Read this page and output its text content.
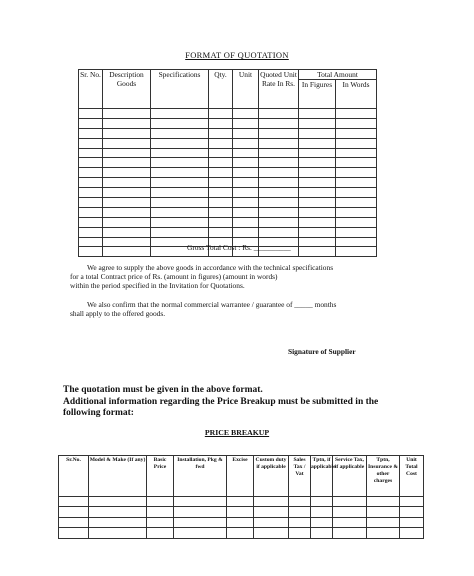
FORMAT OF QUOTATION
Sr. No.	Description Goods	Specifications	Qty.	Unit	Quoted Unit Rate In Rs.	Total Amount	
						In Figures	In Words

Gross Total Cost : Rs. __________
We agree to supply the above goods in accordance with the technical specifications
for a total Contract price of Rs. (amount in figures) (amount in words)
within the period specified in the Invitation for Quotations.
We also confirm that the normal commercial warrantee / guarantee of _____ months
shall apply to the offered goods.
Signature of Supplier
The quotation must be given in the above format.
Additional information regarding the Price Breakup must be submitted in the
following format:
PRICE BREAKUP
Sr.No.	Model & Make (If any)	Basic Price	Installation, Pkg & fwd	Excise	Custom duty if applicable	Sales Tax / Vat	Tptn, if applicable	Service Tax, if applicable	Tptn, Insurance & other charges	Unit Total Cost
